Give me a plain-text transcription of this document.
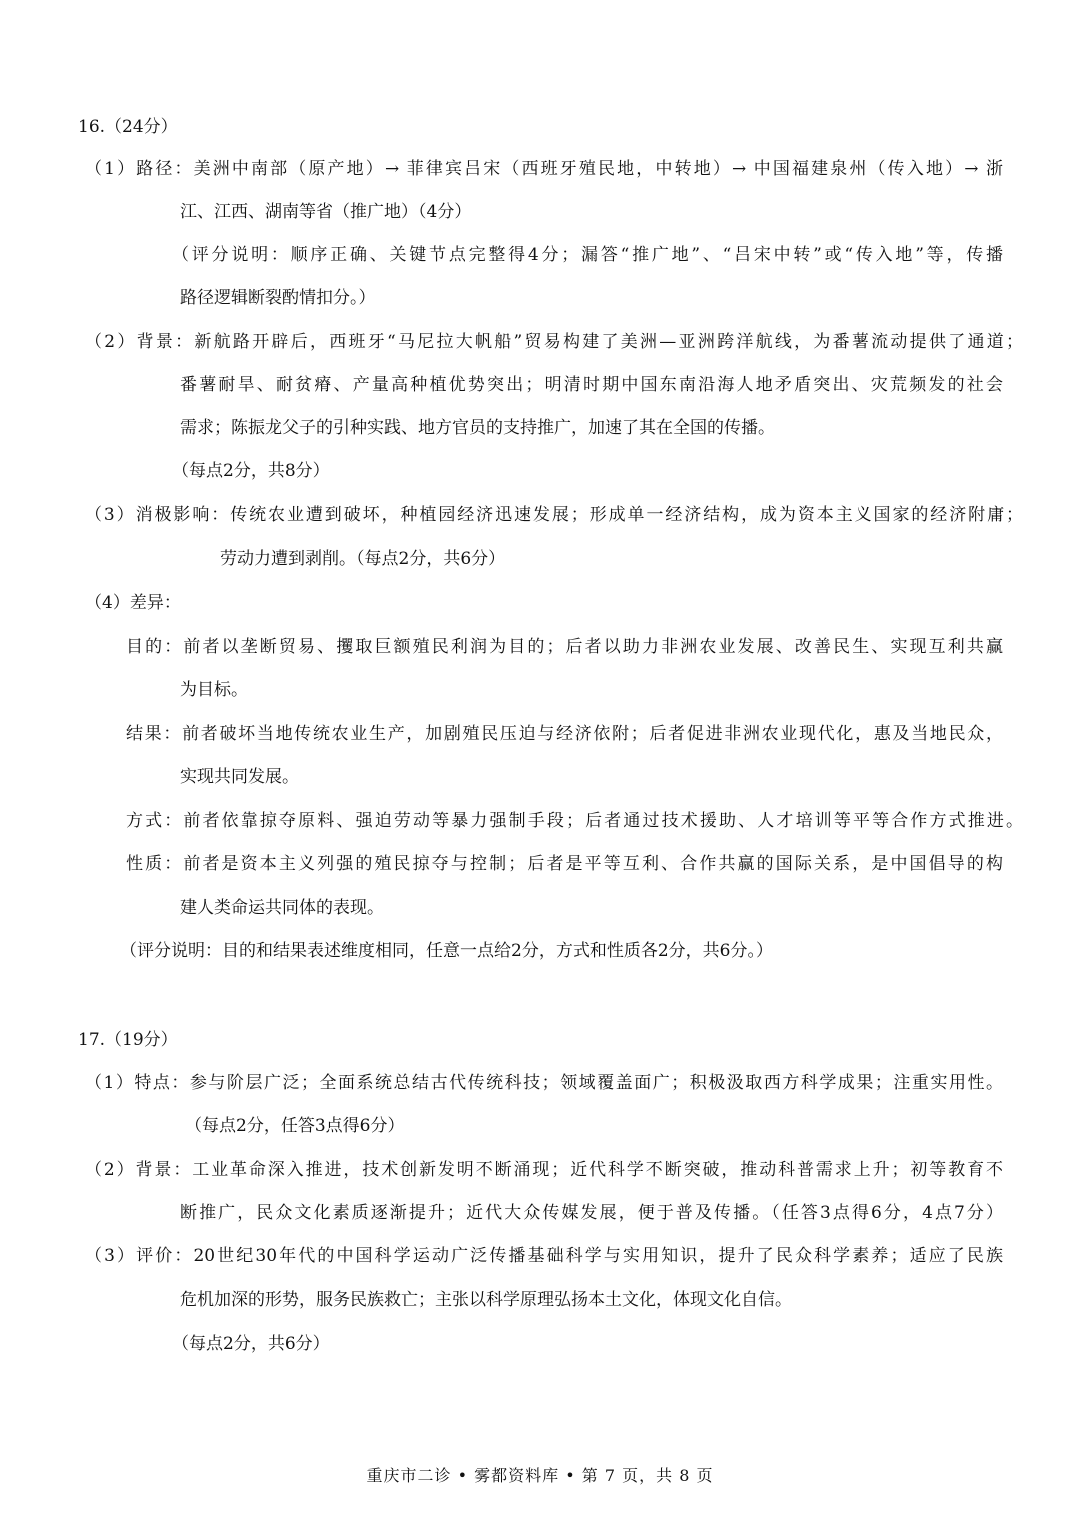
16.（24分）
（1）路径：美洲中南部（原产地）→ 菲律宾吕宋（西班牙殖民地，中转地）→ 中国福建泉州（传入地）→ 浙
江、江西、湖南等省（推广地）（4分）
（评分说明：顺序正确、关键节点完整得4分；漏答“推广地”、“吕宋中转”或“传入地”等，传播
路径逻辑断裂酌情扣分。）
（2）背景：新航路开辟后，西班牙“马尼拉大帆船”贸易构建了美洲—亚洲跨洋航线，为番薯流动提供了通道；
番薯耐旱、耐贫瘠、产量高种植优势突出；明清时期中国东南沿海人地矛盾突出、灾荒频发的社会
需求；陈振龙父子的引种实践、地方官员的支持推广，加速了其在全国的传播。
（每点2分，共8分）
（3）消极影响：传统农业遭到破坏，种植园经济迅速发展；形成单一经济结构，成为资本主义国家的经济附庸；
劳动力遭到剥削。（每点2分，共6分）
（4）差异：
目的：前者以垄断贸易、攫取巨额殖民利润为目的；后者以助力非洲农业发展、改善民生、实现互利共赢
为目标。
结果：前者破坏当地传统农业生产，加剧殖民压迫与经济依附；后者促进非洲农业现代化，惠及当地民众，
实现共同发展。
方式：前者依靠掠夺原料、强迫劳动等暴力强制手段；后者通过技术援助、人才培训等平等合作方式推进。
性质：前者是资本主义列强的殖民掠夺与控制；后者是平等互利、合作共赢的国际关系，是中国倡导的构
建人类命运共同体的表现。
（评分说明：目的和结果表述维度相同，任意一点给2分，方式和性质各2分，共6分。）
17.（19分）
（1）特点：参与阶层广泛；全面系统总结古代传统科技；领域覆盖面广；积极汲取西方科学成果；注重实用性。
（每点2分，任答3点得6分）
（2）背景：工业革命深入推进，技术创新发明不断涌现；近代科学不断突破，推动科普需求上升；初等教育不
断推广，民众文化素质逐渐提升；近代大众传媒发展，便于普及传播。（任答3点得6分，4点7分）
（3）评价：20世纪30年代的中国科学运动广泛传播基础科学与实用知识，提升了民众科学素养；适应了民族
危机加深的形势，服务民族救亡；主张以科学原理弘扬本土文化，体现文化自信。
（每点2分，共6分）
重庆市二诊 • 雾都资料库 • 第 7 页，共 8 页
